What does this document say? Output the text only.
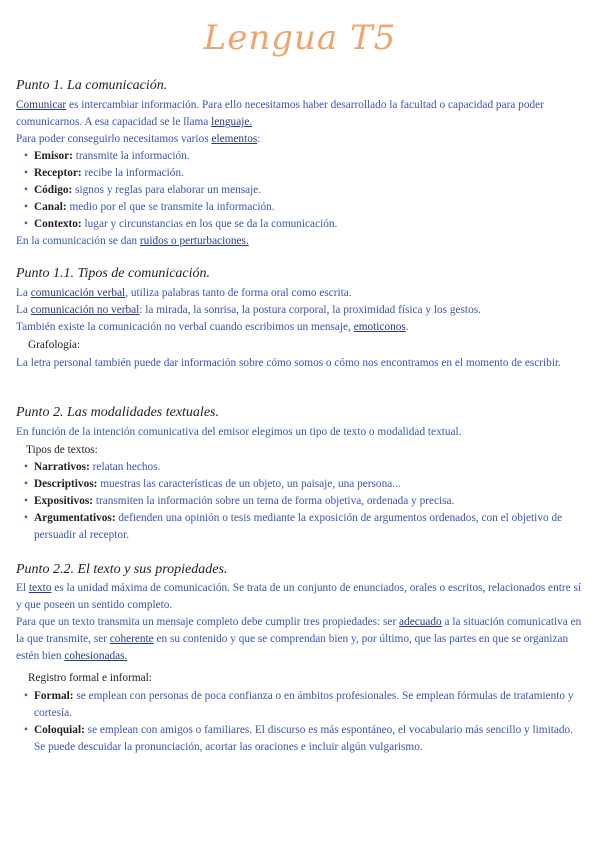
Lengua T5
Punto 1. La comunicación.
Comunicar es intercambiar información. Para ello necesitamos haber desarrollado la facultad o capacidad para poder comunicarnos. A esa capacidad se le llama lenguaje.
Para poder conseguirlo necesitamos varios elementos:
• Emisor: transmite la información.
• Receptor: recibe la información.
• Código: signos y reglas para elaborar un mensaje.
• Canal: medio por el que se transmite la información.
• Contexto: lugar y circunstancias en los que se da la comunicación.
En la comunicación se dan ruidos o perturbaciones.
Punto 1.1. Tipos de comunicación.
La comunicación verbal, utiliza palabras tanto de forma oral como escrita.
La comunicación no verbal: la mirada, la sonrisa, la postura corporal, la proximidad física y los gestos.
También existe la comunicación no verbal cuando escribimos un mensaje, emoticonos.
Grafología:
La letra personal también puede dar información sobre cómo somos o cómo nos encontramos en el momento de escribir.
Punto 2. Las modalidades textuales.
En función de la intención comunicativa del emisor elegimos un tipo de texto o modalidad textual.
Tipos de textos:
• Narrativos: relatan hechos.
• Descriptivos: muestras las características de un objeto, un paisaje, una persona...
• Expositivos: transmiten la información sobre un tema de forma objetiva, ordenada y precisa.
• Argumentativos: defienden una opinión o tesis mediante la exposición de argumentos ordenados, con el objetivo de persuadir al receptor.
Punto 2.2. El texto y sus propiedades.
El texto es la unidad máxima de comunicación. Se trata de un conjunto de enunciados, orales o escritos, relacionados entre sí y que poseen un sentido completo.
Para que un texto transmita un mensaje completo debe cumplir tres propiedades: ser adecuado a la situación comunicativa en la que transmite, ser coherente en su contenido y que se comprendan bien y, por último, que las partes en que se organizan estén bien cohesionadas.
Registro formal e informal:
• Formal: se emplean con personas de poca confianza o en ámbitos profesionales. Se emplean fórmulas de tratamiento y cortesía.
• Coloquial: se emplean con amigos o familiares. El discurso es más espontáneo, el vocabulario más sencillo y limitado. Se puede descuidar la pronunciación, acortar las oraciones e incluir algún vulgarismo.
